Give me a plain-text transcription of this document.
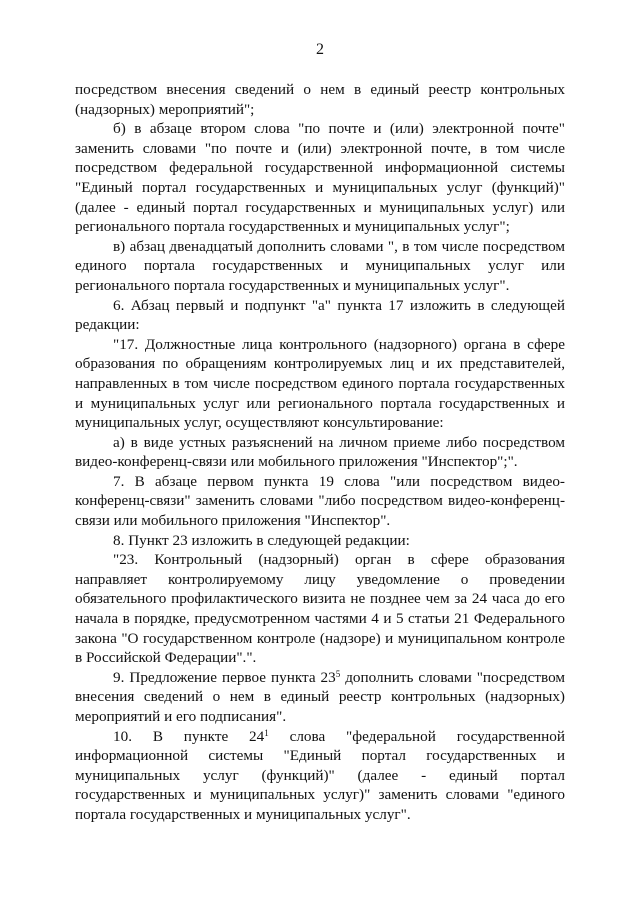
2

посредством внесения сведений о нем в единый реестр контрольных (надзорных) мероприятий";

б) в абзаце втором слова "по почте и (или) электронной почте" заменить словами "по почте и (или) электронной почте, в том числе посредством федеральной государственной информационной системы "Единый портал государственных и муниципальных услуг (функций)" (далее - единый портал государственных и муниципальных услуг) или регионального портала государственных и муниципальных услуг";

в) абзац двенадцатый дополнить словами ", в том числе посредством единого портала государственных и муниципальных услуг или регионального портала государственных и муниципальных услуг".

6. Абзац первый и подпункт "а" пункта 17 изложить в следующей редакции:

"17. Должностные лица контрольного (надзорного) органа в сфере образования по обращениям контролируемых лиц и их представителей, направленных в том числе посредством единого портала государственных и муниципальных услуг или регионального портала государственных и муниципальных услуг, осуществляют консультирование:

а) в виде устных разъяснений на личном приеме либо посредством видео-конференц-связи или мобильного приложения "Инспектор";".

7. В абзаце первом пункта 19 слова "или посредством видео-конференц-связи" заменить словами "либо посредством видео-конференц-связи или мобильного приложения "Инспектор".

8. Пункт 23 изложить в следующей редакции:

"23. Контрольный (надзорный) орган в сфере образования направляет контролируемому лицу уведомление о проведении обязательного профилактического визита не позднее чем за 24 часа до его начала в порядке, предусмотренном частями 4 и 5 статьи 21 Федерального закона "О государственном контроле (надзоре) и муниципальном контроле в Российской Федерации".".

9. Предложение первое пункта $23^5$ дополнить словами "посредством внесения сведений о нем в единый реестр контрольных (надзорных) мероприятий и его подписания".

10. В пункте $24^1$ слова "федеральной государственной информационной системы "Единый портал государственных и муниципальных услуг (функций)" (далее - единый портал государственных и муниципальных услуг)" заменить словами "единого портала государственных и муниципальных услуг".
